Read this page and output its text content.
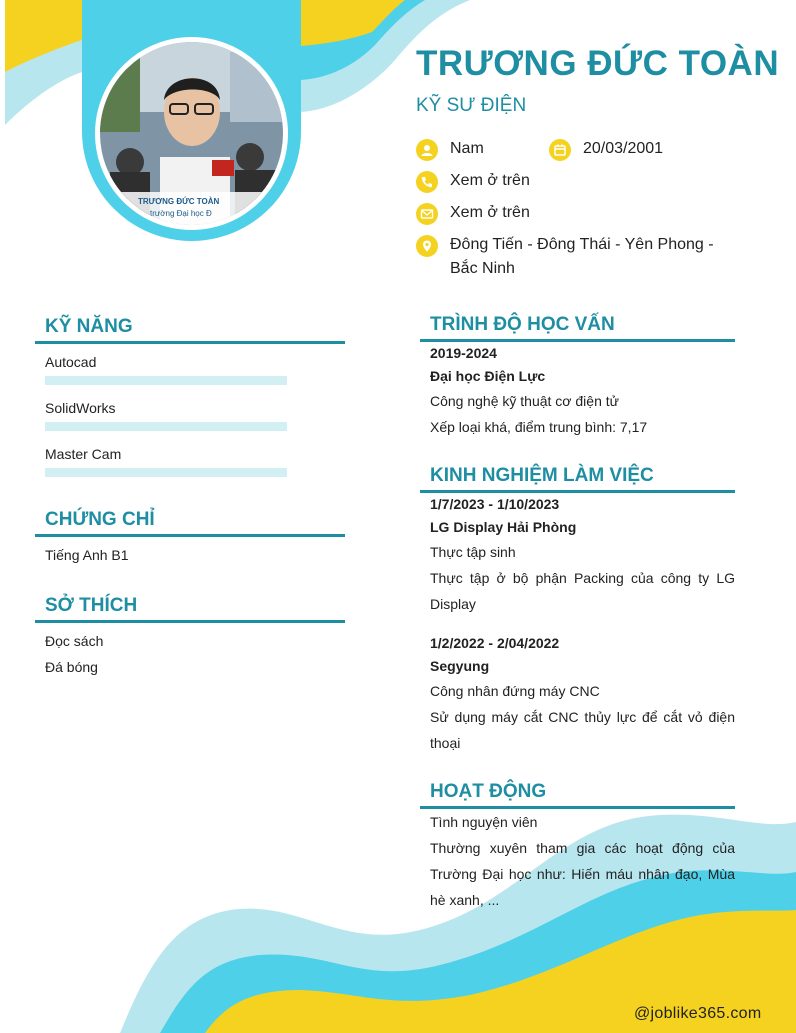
TRƯƠNG ĐỨC TOÀN
trường Đại học Đ
TRƯƠNG ĐỨC TOÀN
KỸ SƯ ĐIỆN
Nam	20/03/2001
Xem ở trên
Xem ở trên
Đông Tiến - Đông Thái - Yên Phong - Bắc Ninh
KỸ NĂNG
Autocad
SolidWorks
Master Cam
CHỨNG CHỈ
Tiếng Anh B1
SỞ THÍCH
Đọc sách
Đá bóng
TRÌNH ĐỘ HỌC VẤN
2019-2024
Đại học Điện Lực
Công nghệ kỹ thuật cơ điện tử
Xếp loại khá, điểm trung bình: 7,17
KINH NGHIỆM LÀM VIỆC
1/7/2023 - 1/10/2023
LG Display Hải Phòng
Thực tập sinh
Thực tập ở bộ phận Packing của công ty LG Display
1/2/2022 - 2/04/2022
Segyung
Công nhân đứng máy CNC
Sử dụng máy cắt CNC thủy lực để cắt vỏ điện thoại
HOẠT ĐỘNG
Tình nguyện viên
Thường xuyên tham gia các hoạt động của Trường Đại học như: Hiến máu nhân đạo, Mùa hè xanh, ...
@joblike365.com
